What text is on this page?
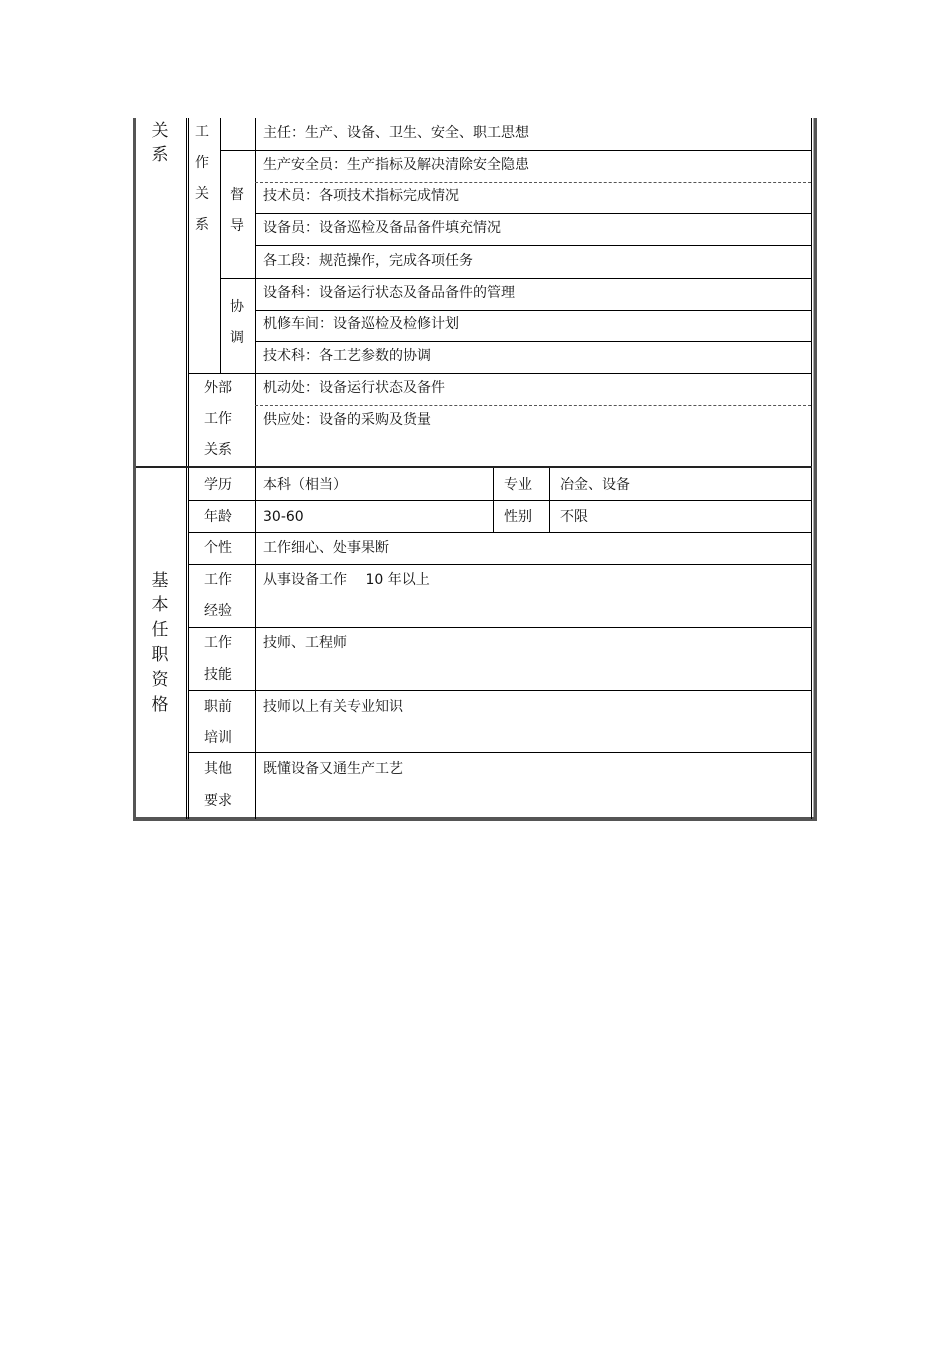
关
系
工
作
关
系
督
导
协
调
外部
工作
关系
主任：生产、设备、卫生、安全、职工思想
生产安全员：生产指标及解决清除安全隐患
技术员：各项技术指标完成情况
设备员：设备巡检及备品备件填充情况
各工段：规范操作，完成各项任务
设备科：设备运行状态及备品备件的管理
机修车间：设备巡检及检修计划
技术科：各工艺参数的协调
机动处：设备运行状态及备件
供应处：设备的采购及货量
基
本
任
职
资
格
学历 本科（相当）	专业 冶金、设备
年龄 30-60	性别 不限
个性 工作细心、处事果断
工作
经验
从事设备工作　 10 年以上
工作
技能
技师、工程师
职前
培训
技师以上有关专业知识
其他
要求
既懂设备又通生产工艺
